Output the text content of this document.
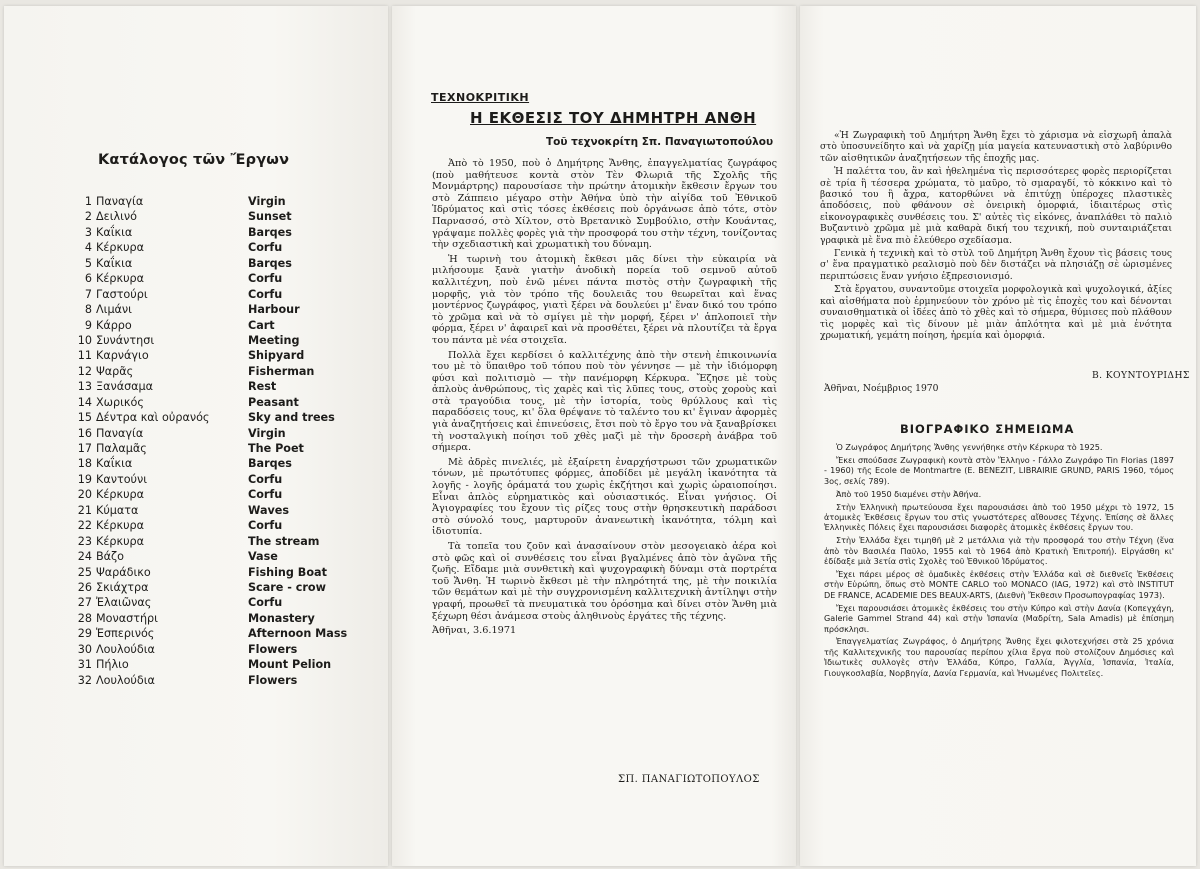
Κατάλογος τῶν Ἔργων
1 Παναγία	Virgin
2 Δειλινό	Sunset
3 Καΐκια	Barqes
4 Κέρκυρα	Corfu
5 Καΐκια	Barqes
6 Κέρκυρα	Corfu
7 Γαστούρι	Corfu
8 Λιμάνι	Harbour
9 Κάρρο	Cart
10 Συνάντησι	Meeting
11 Καρνάγιο	Shipyard
12 Ψαρᾶς	Fisherman
13 Ξανάσαμα	Rest
14 Χωρικός	Peasant
15 Δέντρα καὶ οὐρανός	Sky and trees
16 Παναγία	Virgin
17 Παλαμᾶς	The Poet
18 Καΐκια	Barqes
19 Καντούνι	Corfu
20 Κέρκυρα	Corfu
21 Κύματα	Waves
22 Κέρκυρα	Corfu
23 Κέρκυρα	The stream
24 Βάζο	Vase
25 Ψαράδικο	Fishing Boat
26 Σκιάχτρα	Scare - crow
27 Ἐλαιῶνας	Corfu
28 Μοναστήρι	Monastery
29 Ἑσπερινός	Afternoon Mass
30 Λουλούδια	Flowers
31 Πήλιο	Mount Pelion
32 Λουλούδια	Flowers
ΤΕΧΝΟΚΡΙΤΙΚΗ
Η ΕΚΘΕΣΙΣ ΤΟΥ ΔΗΜΗΤΡΗ ΑΝΘΗ
Τοῦ τεχνοκρίτη Σπ. Παναγιωτοπούλου

Ἀπὸ τὸ 1950, ποὺ ὁ Δημήτρης Ἄνθης, ἐπαγγελματίας ζωγράφος (ποὺ μαθήτευσε κοντὰ στὸν Τὲν Φλωριᾶ τῆς Σχολῆς τῆς Μονμάρτρης) παρουσίασε τὴν πρώτην ἀτομικὴν ἔκθεσιν ἔργων του στὸ Ζάππειο μέγαρο στὴν Ἀθήνα ὑπὸ τὴν αἰγίδα τοῦ Ἐθνικοῦ Ἱδρύματος καὶ στὶς τόσες ἐκθέσεις ποὺ ὀργάνωσε ἀπὸ τότε, στὸν Παρνασσό, στὸ Χίλτον, στὸ Βρετανικὸ Συμβούλιο, στὴν Κουάντας, γράψαμε πολλὲς φορὲς γιὰ τὴν προσφορά του στὴν τέχνη, τονίζοντας τὴν σχεδιαστικὴ καὶ χρωματικὴ του δύναμη.

Ἡ τωρινὴ του ἀτομικὴ ἔκθεσι μᾶς δίνει τὴν εὐκαιρία νὰ μιλήσουμε ξανὰ γιατὴν ἀνοδικὴ πορεία τοῦ σεμνοῦ αὐτοῦ καλλιτέχνη, ποὺ ἐνῶ μένει πάντα πιστὸς στὴν ζωγραφικὴ τῆς μορφῆς, γιὰ τὸν τρόπο τῆς δουλειᾶς του θεωρεῖται καὶ ἕνας μοντέρνος ζωγράφος, γιατὶ ξέρει νὰ δουλεύει μ' ἕναν δικό του τρόπο τὸ χρῶμα καὶ νὰ τὸ σμίγει μὲ τὴν μορφή, ξέρει ν' ἁπλοποιεῖ τὴν φόρμα, ξέρει ν' ἀφαιρεῖ καὶ νὰ προσθέτει, ξέρει νὰ πλουτίζει τὰ ἔργα του πάντα μὲ νέα στοιχεῖα.

Πολλὰ ἔχει κερδίσει ὁ καλλιτέχνης ἀπὸ τὴν στενὴ ἐπικοινωνία του μὲ τὸ ὕπαιθρο τοῦ τόπου ποὺ τὸν γέννησε — μὲ τὴν ἰδιόμορφη φύσι καὶ πολιτισμὸ — τὴν πανέμορφη Κέρκυρα. Ἔζησε μὲ τοὺς ἁπλοὺς ἀνθρώπους, τὶς χαρὲς καὶ τὶς λῦπες τους, στοὺς χοροὺς καὶ στὰ τραγούδια τους, μὲ τὴν ἱστορία, τοὺς θρύλλους καὶ τὶς παραδόσεις τους, κι' ὅλα θρέψανε τὸ ταλέντο του κι' ἔγιναν ἀφορμὲς γιὰ ἀναζητήσεις καὶ ἐπινεύσεις, ἔτσι ποὺ τὸ ἔργο του νὰ ξαναβρίσκει τὴ νοσταλγικὴ ποίησι τοῦ χθὲς μαζὶ μὲ τὴν δροσερὴ ἀνάβρα τοῦ σήμερα.

Μὲ ἀδρὲς πινελιές, μὲ ἐξαίρετη ἐναρχήστρωσι τῶν χρωματικῶν τόνων, μὲ πρωτότυπες φόρμες, ἀποδίδει μὲ μεγάλη ἱκανότητα τὰ λογῆς - λογῆς ὁράματά του χωρὶς ἐκζήτησι καὶ χωρὶς ὡραιοποίησι. Εἶναι ἁπλὸς εὐρηματικὸς καὶ οὐσιαστικός. Εἶναι γνήσιος. Οἱ Ἁγιογραφίες του ἔχουν τὶς ρίζες τους στὴν θρησκευτικὴ παράδοσι στὸ σύνολό τους, μαρτυροῦν ἀνανεωτικὴ ἱκανότητα, τόλμη καὶ ἰδιοτυπία.

Τὰ τοπεῖα του ζοῦν καὶ ἀνασαίνουν στὸν μεσογειακὸ ἀέρα κοὶ στὸ φῶς καὶ οἱ συνθέσεις του εἶναι βγαλμένες ἀπὸ τὸν ἀγῶνα τῆς ζωῆς. Εἴδαμε μιὰ συνθετικὴ καὶ ψυχογραφικὴ δύναμι στὰ πορτρέτα τοῦ Ἄνθη. Ἡ τωρινὸ ἔκθεσι μὲ τὴν πληρότητά της, μὲ τὴν ποικιλία τῶν θεμάτων καὶ μὲ τὴν συγχρονισμένη καλλιτεχνικὴ ἀντίληψι στὴν γραφή, προωθεῖ τὰ πνευματικὰ του ὁρόσημα καὶ δίνει στὸν Ἄνθη μιὰ ξέχωρη θέσι ἀνάμεσα στοὺς ἀληθινοὺς ἐργάτες τῆς τέχνης.

Ἀθῆναι, 3.6.1971

ΣΠ. ΠΑΝΑΓΙΩΤΟΠΟΥΛΟΣ

«Ἡ Ζωγραφικὴ τοῦ Δημήτρη Ἄνθη ἔχει τὸ χάρισμα νὰ εἰσχωρῆ ἁπαλὰ στὸ ὑποσυνείδητο καὶ νὰ χαρίζῃ μία μαγεία κατευναστικὴ στὸ λαβύρινθο τῶν αἰσθητικῶν ἀναζητήσεων τῆς ἐποχῆς μας.

Ἡ παλέττα του, ἂν καὶ ἠθελημένα τὶς περισσότερες φορὲς περιορίζεται σὲ τρία ἢ τέσσερα χρώματα, τὸ μαῦρο, τὸ σμαραγδί, τὸ κόκκινο καὶ τὸ βασικό του ἢ ἄχρα, κατορθώνει νὰ ἐπιτύχῃ ὑπέροχες πλαστικὲς ἀποδόσεις, ποὺ φθάνουν σὲ ὀνειρικὴ ὁμορφιά, ἰδιαιτέρως στὶς εἰκονογραφικὲς συνθέσεις του. Σ' αὐτὲς τὶς εἰκόνες, ἀναπλάθει τὸ παλιὸ Βυζαντινὸ χρῶμα μὲ μιὰ καθαρὰ δική του τεχνική, ποὺ συνταιριάζεται γραφικὰ μὲ ἕνα πιὸ ἐλεύθερο σχεδίασμα.

Γενικὰ ἡ τεχνικὴ καὶ τὸ στὺλ τοῦ Δημήτρη Ἄνθη ἔχουν τὶς βάσεις τους σ' ἕνα πραγματικὸ ρεαλισμὸ ποὺ δὲν διστάζει νὰ πλησιάζῃ σὲ ὡρισμένες περιπτώσεις ἕναν γνήσιο ἐξπρεσιονισμό.

Στὰ ἔργατου, συναντοῦμε στοιχεῖα μορφολογικὰ καὶ ψυχολογικά, ἀξίες καὶ αἰσθήματα ποὺ ἑρμηνεύουν τὸν χρόνο μὲ τὶς ἐποχὲς του καὶ δένονται συναισθηματικὰ οἱ ἰδέες ἀπὸ τὸ χθὲς καὶ τὸ σήμερα, θύμισες ποὺ πλάθουν τὶς μορφὲς καὶ τὶς δίνουν μὲ μιὰν ἁπλότητα καὶ μὲ μιὰ ἑνότητα χρωματική, γεμάτη ποίηση, ἠρεμία καὶ ὁμορφιά.

Β. ΚΟΥΝΤΟΥΡΙΔΗΣ
Ἀθῆναι, Νοέμβριος 1970
ΒΙΟΓΡΑΦΙΚΟ ΣΗΜΕΙΩΜΑ

Ὁ Ζωγράφος Δημήτρης Ἄνθης γεννήθηκε στὴν Κέρκυρα τὸ 1925.

Ἔκει σπούδασε Ζωγραφικὴ κοντὰ στὸν Ἕλληνο - Γάλλο Ζωγράφο Tin Florias (1897 - 1960) τῆς Ecole de Montmartre (E. BENEZIT, LIBRAIRIE GRUND, PARIS 1960, τόμος 3ος, σελίς 789).

Ἀπὸ τοῦ 1950 διαμένει στὴν Ἀθήνα.

Στὴν Ἑλληνικὴ πρωτεύουσα ἔχει παρουσιάσει ἀπὸ τοῦ 1950 μέχρι τὸ 1972, 15 ἀτομικὲς Ἐκθέσεις ἔργων του στὶς γνωστότερες αἴθουσες Τέχνης. Ἐπίσης σὲ ἄλλες Ἑλληνικὲς Πόλεις ἔχει παρουσιάσει διαφορὲς ἀτομικὲς ἐκθέσεις ἔργων του.

Στὴν Ἑλλάδα ἔχει τιμηθῆ μὲ 2 μετάλλια γιὰ τὴν προσφορά του στὴν Τέχνη (ἕνα ἀπὸ τὸν Βασιλέα Παῦλο, 1955 καὶ τὸ 1964 ἀπὸ Κρατικὴ Ἐπιτροπή). Εἰργάσθη κι' ἐδίδαξε μιὰ 3ετία στὶς Σχολὲς τοῦ Ἐθνικοῦ Ἱδρύματος.

Ἔχει πάρει μέρος σὲ ὁμαδικὲς ἐκθέσεις στὴν Ἑλλάδα καὶ σὲ διεθνεῖς Ἐκθέσεις στὴν Εὐρώπη, ὅπως στὸ MONTE CARLO τοῦ MONACO (IAG, 1972) καὶ στὸ INSTITUT DE FRANCE, ACADEMIE DES BEAUX-ARTS, (Διεθνὴ Ἔκθεσιν Προσωπογραφίας 1973).

Ἔχει παρουσιάσει ἀτομικὲς ἐκθέσεις του στὴν Κύπρο καὶ στὴν Δανία (Κοπεγχάγη, Galerie Gammel Strand 44) καὶ στὴν Ἱσπανία (Μαδρίτη, Sala Amadis) μὲ ἐπίσημη πρόσκλησι.

Ἐπαγγελματίας Ζωγράφος, ὁ Δημήτρης Ἄνθης ἔχει φιλοτεχνήσει στὰ 25 χρόνια τῆς Καλλιτεχνικῆς του παρουσίας περίπου χίλια ἔργα ποὺ στολίζουν Δημόσιες καὶ Ἰδιωτικὲς συλλογὲς στὴν Ἑλλάδα, Κύπρο, Γαλλία, Ἀγγλία, Ἰσπανία, Ἰταλία, Γιουγκοσλαβία, Νορβηγία, Δανία Γερμανία, καὶ Ἡνωμένες Πολιτεῖες.
